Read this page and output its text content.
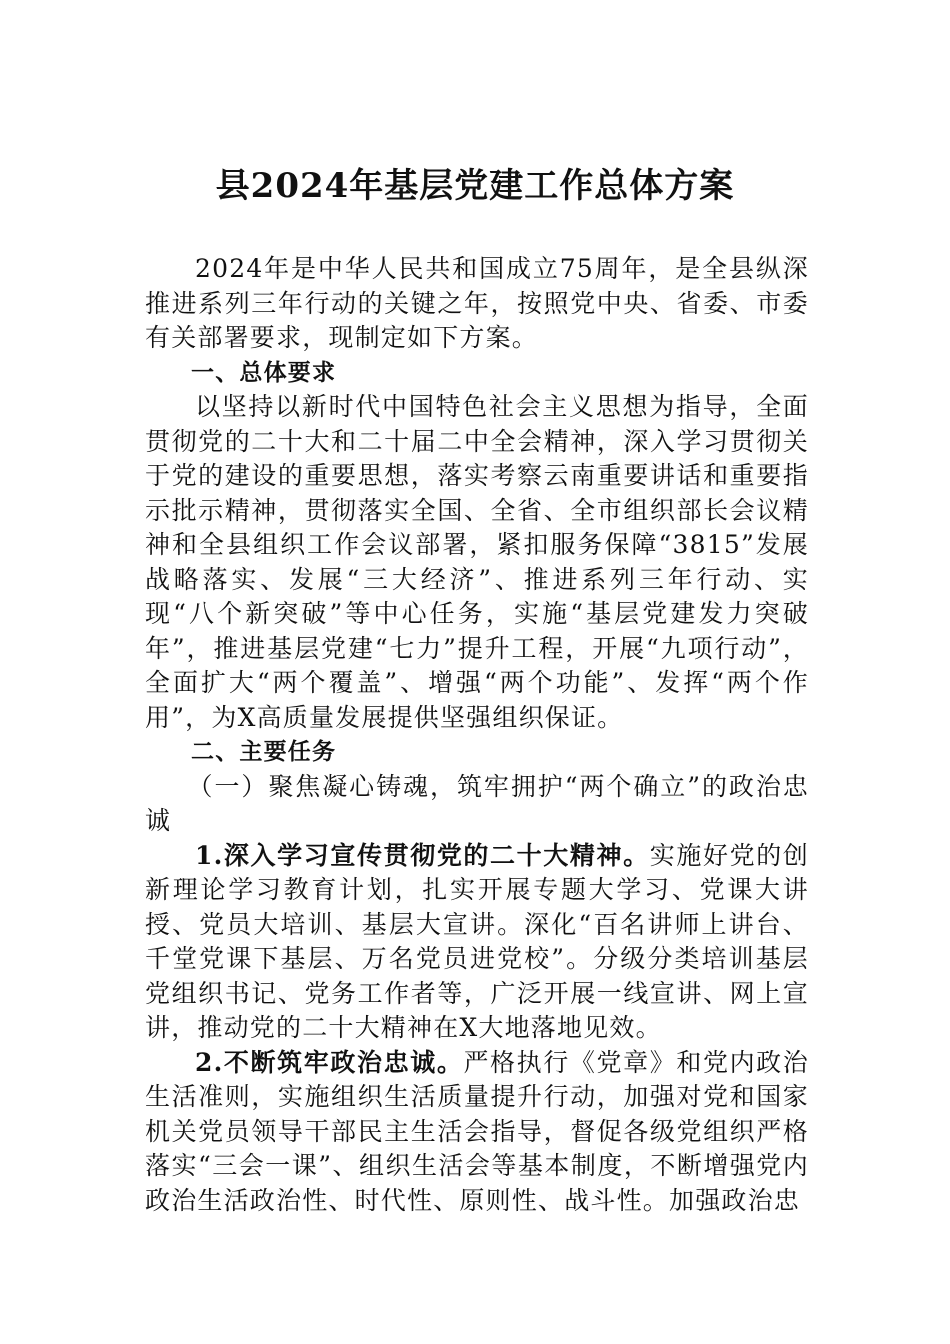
县2024年基层党建工作总体方案

2024年是中华人民共和国成立75周年，是全县纵深推进系列三年行动的关键之年，按照党中央、省委、市委有关部署要求，现制定如下方案。

一、总体要求

以坚持以新时代中国特色社会主义思想为指导，全面贯彻党的二十大和二十届二中全会精神，深入学习贯彻关于党的建设的重要思想，落实考察云南重要讲话和重要指示批示精神，贯彻落实全国、全省、全市组织部长会议精神和全县组织工作会议部署，紧扣服务保障“3815”发展战略落实、发展“三大经济”、推进系列三年行动、实现“八个新突破”等中心任务，实施“基层党建发力突破年”，推进基层党建“七力”提升工程，开展“九项行动”，全面扩大“两个覆盖”、增强“两个功能”、发挥“两个作用”，为X高质量发展提供坚强组织保证。

二、主要任务

（一）聚焦凝心铸魂，筑牢拥护“两个确立”的政治忠诚

1.深入学习宣传贯彻党的二十大精神。实施好党的创新理论学习教育计划，扎实开展专题大学习、党课大讲授、党员大培训、基层大宣讲。深化“百名讲师上讲台、千堂党课下基层、万名党员进党校”。分级分类培训基层党组织书记、党务工作者等，广泛开展一线宣讲、网上宣讲，推动党的二十大精神在X大地落地见效。

2.不断筑牢政治忠诚。严格执行《党章》和党内政治生活准则，实施组织生活质量提升行动，加强对党和国家机关党员领导干部民主生活会指导，督促各级党组织严格落实“三会一课”、组织生活会等基本制度，不断增强党内政治生活政治性、时代性、原则性、战斗性。加强政治忠
